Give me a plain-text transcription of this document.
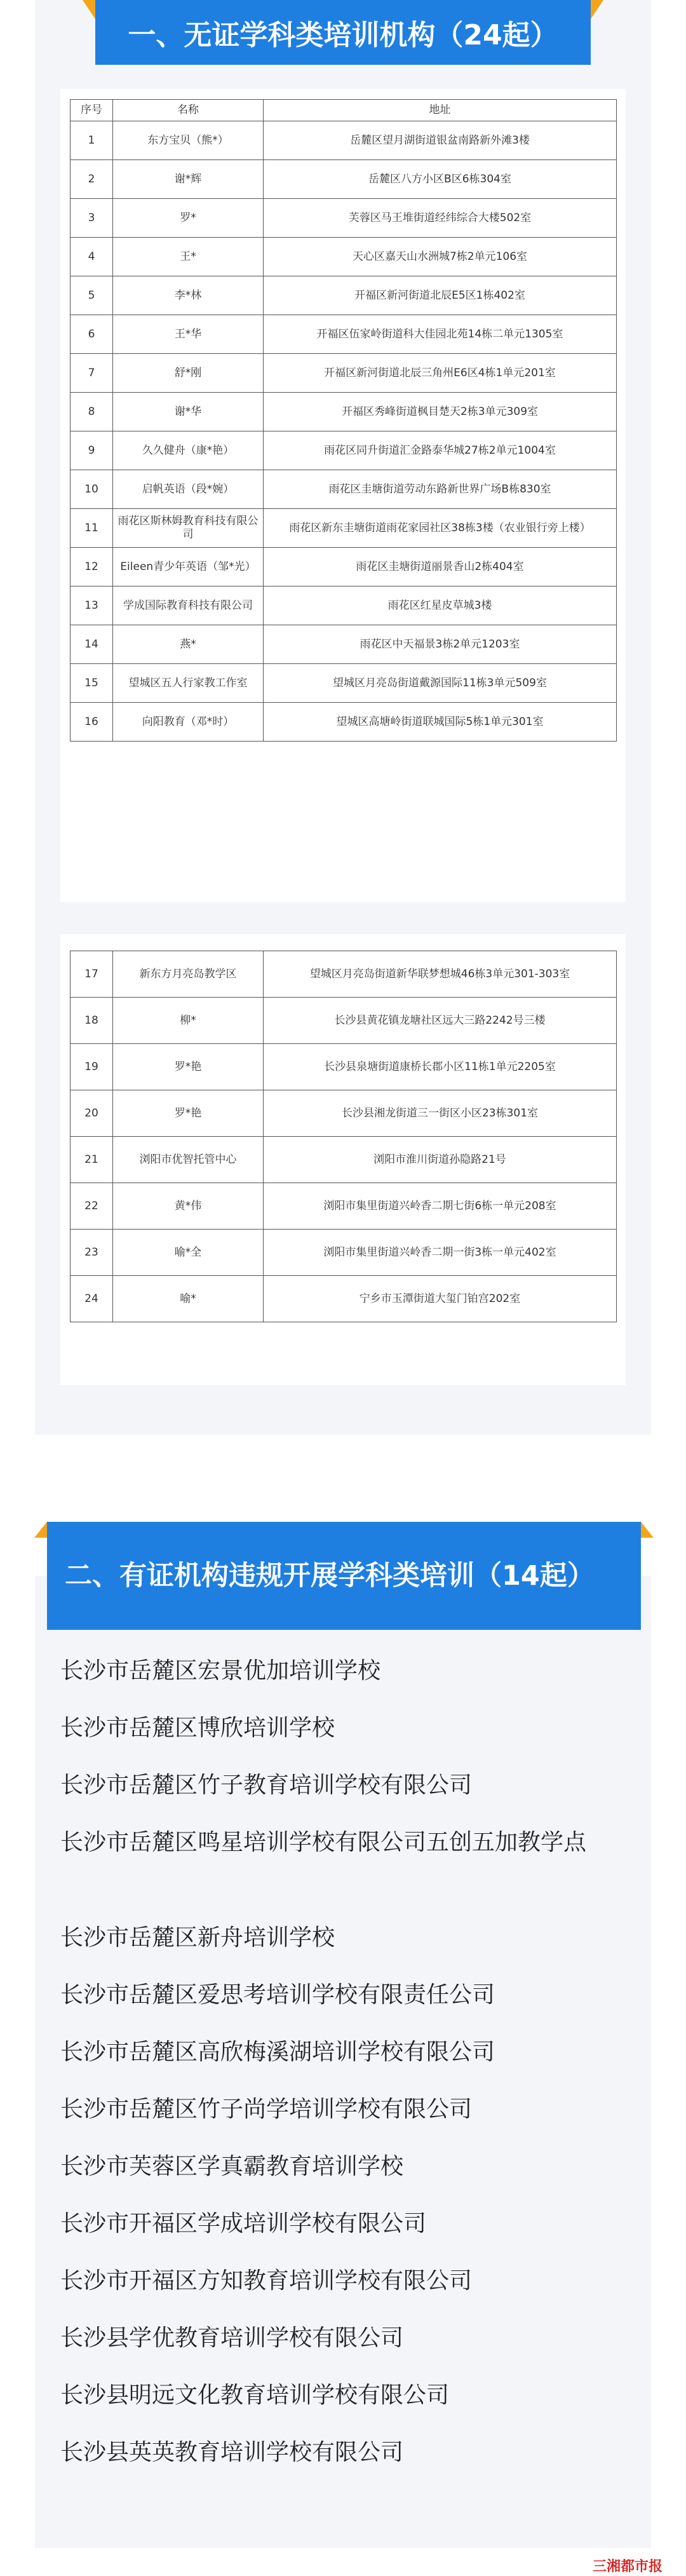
一、无证学科类培训机构（24起）
序号	名称	地址
1	东方宝贝（熊*）	岳麓区望月湖街道银盆南路新外滩3楼
2	谢*辉	岳麓区八方小区B区6栋304室
3	罗*	芙蓉区马王堆街道经纬综合大楼502室
4	王*	天心区嘉天山水洲城7栋2单元106室
5	李*林	开福区新河街道北辰E5区1栋402室
6	王*华	开福区伍家岭街道科大佳园北苑14栋二单元1305室
7	舒*刚	开福区新河街道北辰三角州E6区4栋1单元201室
8	谢*华	开福区秀峰街道枫目楚天2栋3单元309室
9	久久健舟（康*艳）	雨花区同升街道汇金路泰华城27栋2单元1004室
10	启帆英语（段*婉）	雨花区圭塘街道劳动东路新世界广场B栋830室
11	雨花区斯林姆教育科技有限公司	雨花区新东圭塘街道雨花家园社区38栋3楼（农业银行旁上楼）
12	Eileen青少年英语（邹*光）	雨花区圭塘街道丽景香山2栋404室
13	学成国际教育科技有限公司	雨花区红星皮草城3楼
14	燕*	雨花区中天福景3栋2单元1203室
15	望城区五人行家教工作室	望城区月亮岛街道戴源国际11栋3单元509室
16	向阳教育（邓*时）	望城区高塘岭街道联城国际5栋1单元301室
17	新东方月亮岛教学区	望城区月亮岛街道新华联梦想城46栋3单元301-303室
18	柳*	长沙县黄花镇龙塘社区远大三路2242号三楼
19	罗*艳	长沙县泉塘街道康桥长郡小区11栋1单元2205室
20	罗*艳	长沙县湘龙街道三一街区小区23栋301室
21	浏阳市优智托管中心	浏阳市淮川街道孙隐路21号
22	黄*伟	浏阳市集里街道兴岭香二期七街6栋一单元208室
23	喻*全	浏阳市集里街道兴岭香二期一街3栋一单元402室
24	喻*	宁乡市玉潭街道大玺门铂宫202室
二、有证机构违规开展学科类培训（14起）
长沙市岳麓区宏景优加培训学校
长沙市岳麓区博欣培训学校
长沙市岳麓区竹子教育培训学校有限公司
长沙市岳麓区鸣星培训学校有限公司五创五加教学点
长沙市岳麓区新舟培训学校
长沙市岳麓区爱思考培训学校有限责任公司
长沙市岳麓区高欣梅溪湖培训学校有限公司
长沙市岳麓区竹子尚学培训学校有限公司
长沙市芙蓉区学真霸教育培训学校
长沙市开福区学成培训学校有限公司
长沙市开福区方知教育培训学校有限公司
长沙县学优教育培训学校有限公司
长沙县明远文化教育培训学校有限公司
长沙县英英教育培训学校有限公司
三湘都市报
